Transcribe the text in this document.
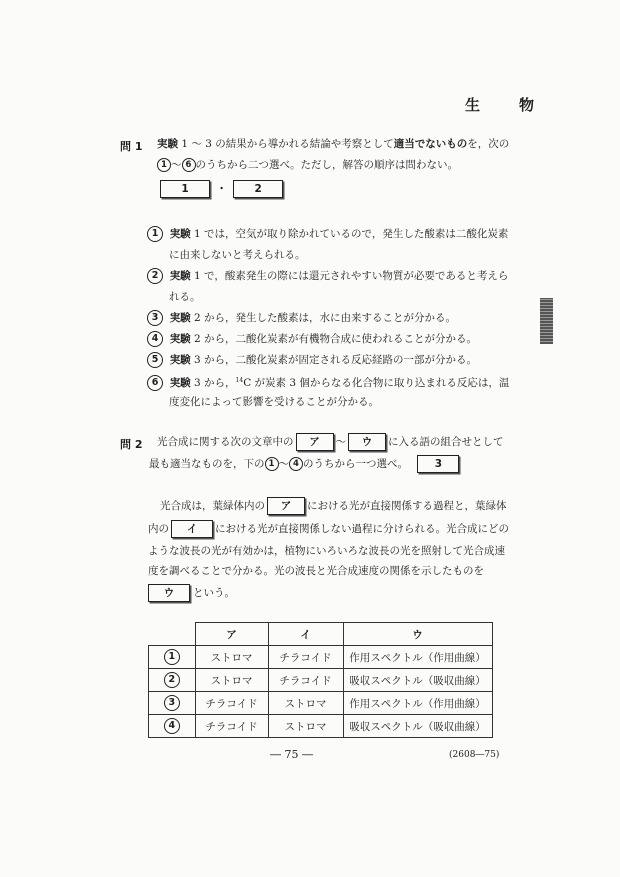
生　物
問 1 実験 1 ～ 3 の結果から導かれる結論や考察として適当でないものを，次の
1 ～ 6 のうちから二つ選べ。ただし，解答の順序は問わない。
1	・	2
1 実験 1 では，空気が取り除かれているので，発生した酸素は二酸化炭素
に由来しないと考えられる。
2 実験 1 で，酸素発生の際には還元されやすい物質が必要であると考えら
れる。
3 実験 2 から，発生した酸素は，水に由来することが分かる。
4 実験 2 から，二酸化炭素が有機物合成に使われることが分かる。
5 実験 3 から，二酸化炭素が固定される反応経路の一部が分かる。
6 実験 3 から，$^{14}$C が炭素 3 個からなる化合物に取り込まれる反応は，温
度変化によって影響を受けることが分かる。
問 2 光合成に関する次の文章中の ア ～ ウ に入る語の組合せとして
最も適当なものを，下の 1 ～ 4 のうちから一つ選べ。	3
光合成は，葉緑体内の ア における光が直接関係する過程と，葉緑体
内の イ における光が直接関係しない過程に分けられる。光合成にどの
ような波長の光が有効かは，植物にいろいろな波長の光を照射して光合成速
度を調べることで分かる。光の波長と光合成速度の関係を示したものを
ウ という。
	ア	イ	ウ
1	ストロマ	チラコイド	作用スペクトル（作用曲線）
2	ストロマ	チラコイド	吸収スペクトル（吸収曲線）
3	チラコイド	ストロマ	作用スペクトル（作用曲線）
4	チラコイド	ストロマ	吸収スペクトル（吸収曲線）
― 75 ―	(2608―75)
